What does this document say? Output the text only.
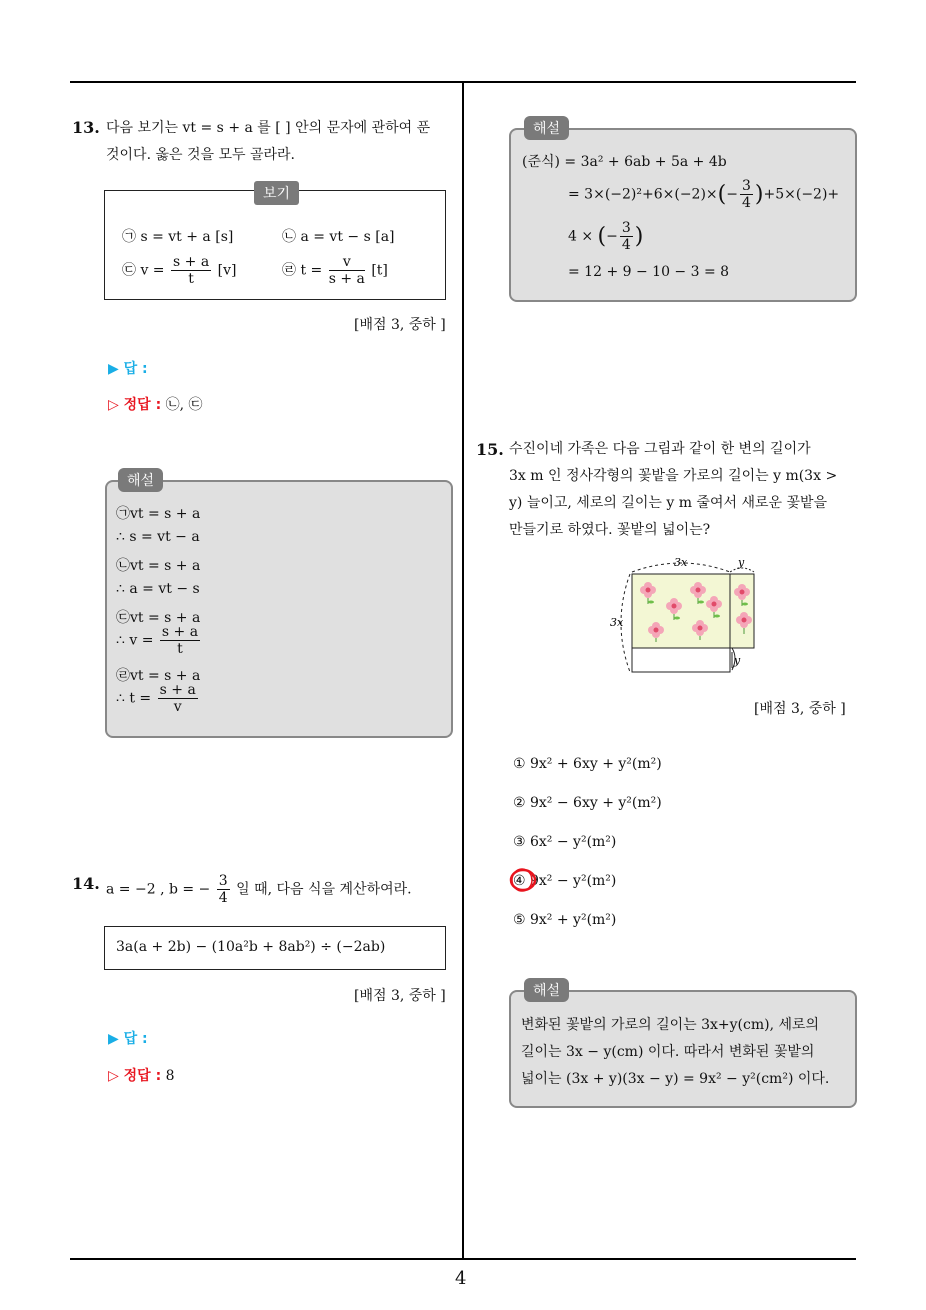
4
13. 다음 보기는 vt = s + a 를 [ ] 안의 문자에 관하여 푼
것이다. 옳은 것을 모두 골라라.
보기
㉠ s = vt + a [s]	㉡ a = vt − s [a]
㉢ $v = \frac{s + a}{t} [v]$	㉣ $t = \frac{v}{s + a} [t]$
[배점 3, 중하 ]
▶ 답 :
▷ 정답 : ㉡, ㉢
해설
㉠vt = s + a
∴ s = vt − a
㉡vt = s + a
∴ a = vt − s
㉢vt = s + a
∴ $v = \frac{s + a}{t}$
㉣vt = s + a
∴ $t = \frac{s + a}{v}$
14. a = −2 , b = − $\frac{3}{4}$ 일 때, 다음 식을 계산하여라.
3a(a + 2b) − (10a²b + 8ab²) ÷ (−2ab)
[배점 3, 중하 ]
▶ 답 :
▷ 정답 : 8
해설
(준식) = 3a² + 6ab + 5a + 4b
= $3\times(-2)^2+6\times(-2)\times(- \frac{3}{4} )+5\times(-2)+$
4 × (− $\frac{3}{4}$ )
= 12 + 9 − 10 − 3 = 8
15. 수진이네 가족은 다음 그림과 같이 한 변의 길이가
3x m 인 정사각형의 꽃밭을 가로의 길이는 y m(3x >
y) 늘이고, 세로의 길이는 y m 줄여서 새로운 꽃밭을
만들기로 하였다. 꽃밭의 넓이는?
3x
3x
y
y
[배점 3, 중하 ]
① 9x² + 6xy + y²(m²)
② 9x² − 6xy + y²(m²)
③ 6x² − y²(m²)
④ 9x² − y²(m²)
⑤ 9x² + y²(m²)
해설
변화된 꽃밭의 가로의 길이는 3x+y(cm), 세로의
길이는 3x − y(cm) 이다. 따라서 변화된 꽃밭의
넓이는 (3x + y)(3x − y) = 9x² − y²(cm²) 이다.
